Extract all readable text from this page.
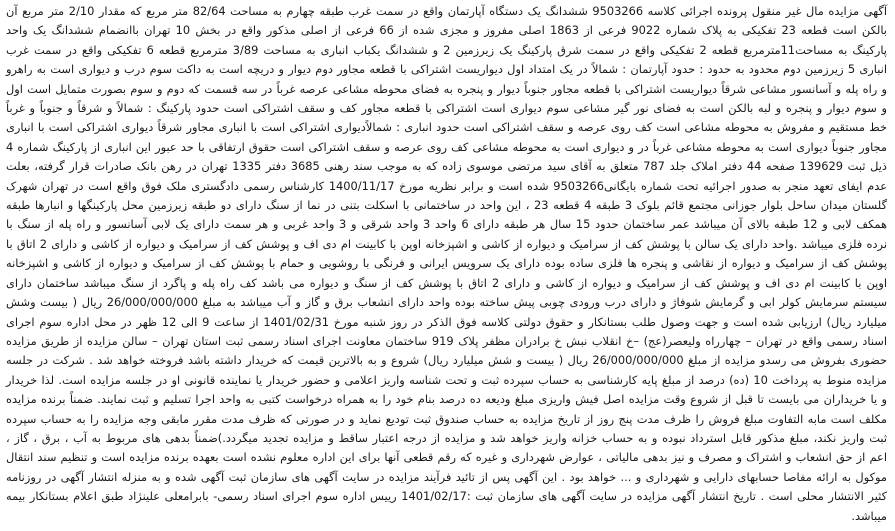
آگهی مزایده مال غیر منقول پرونده اجرائی کلاسه 9503266 ششدانگ یک دستگاه آپارتمان واقع در سمت غرب طبقه چهارم به مساحت 82/64 متر مربع که مقدار 2/10 متر مربع آن بالکن است قطعه 23 تفکیکی به پلاک شماره 9022 فرعی از 1863 اصلی مفروز و مجزی شده از 66 فرعی از اصلی مذکور واقع در بخش 10 تهران باانضمام ششدانگ یک واحد پارکینگ به مساحت11مترمربع قطعه 2 تفکیکی واقع در سمت شرق پارکینگ یک زیرزمین 2 و ششدانگ یکباب انباری به مساحت 3/89 مترمربع قطعه 6 تفکیکی واقع در سمت غرب انباری 5 زیرزمین دوم محدود به حدود : حدود آپارتمان : شمالاً در یک امتداد اول دیواریست اشتراکی با قطعه مجاور دوم دیوار و دریچه است به داکت سوم درب و دیواری است به راهرو و راه پله و آسانسور مشاعی شرقاً دیواریست اشتراکی با قطعه مجاور جنوباً دیوار و پنجره به فضای محوطه مشاعی عرصه غرباً در سه قسمت که دوم و سوم بصورت متمایل است اول و سوم دیوار و پنجره و لبه بالکن است به فضای نور گیر مشاعی سوم دیواری است اشتراکی با قطعه مجاور کف و سقف اشتراکی است حدود پارکینگ : شمالاً و شرقاً و جنوباً و غرباً خط مستقیم و مفروش به محوطه مشاعی است کف روی عرصه و سقف اشتراکی است حدود انباری : شمالاًدیواری اشتراکی است با انباری مجاور شرقاً دیواری اشتراکی است با انباری مجاور جنوباً دیواری است به محوطه مشاعی غرباً در و دیواری است به محوطه مشاعی کف روی عرصه و سقف اشتراکی است حقوق ارتفاقی با حد عبور این انباری از پارکینگ شماره 4 ذیل ثبت 139629 صفحه 44 دفتر املاک جلد 787 متعلق به آقای سید مرتضی موسوی زاده که به موجب سند رهنی 3685 دفتر 1335 تهران در رهن بانک صادرات قرار گرفته، بعلت عدم ایفای تعهد منجر به صدور اجرائیه تحت شماره بایگانی9503266 شده است و برابر نظریه مورخ 1400/11/17 کارشناس رسمی دادگستری ملک فوق واقع است در تهران شهرک گلستان میدان ساحل بلوار جوزانی مجتمع قائم بلوک 3 طبقه 4 قطعه 23 ، این واحد در ساختمانی با اسکلت بتنی در نما از سنگ دارای دو طبقه زیرزمین محل پارکینگها و انبارها طبقه همکف لابی و 12 طبقه بالای آن میباشد عمر ساختمان حدود 15 سال هر طبقه دارای 6 واحد 3 واحد شرقی و 3 واحد غربی و هر سمت دارای یک لابی آسانسور و راه پله از سنگ با نرده فلزی میباشد .واحد دارای یک سالن با پوشش کف از سرامیک و دیواره از کاشی و اشپزخانه اوپن با کابینت ام دی اف و پوشش کف از سرامیک و دیواره از کاشی و دارای 2 اتاق با پوشش کف از سرامیک و دیواره از نقاشی و پنجره ها فلزی ساده بوده دارای یک سرویس ایرانی و فرنگی با روشویی و حمام با پوشش کف از سرامیک و دیواره از کاشی و اشپزخانه اوپن با کابینت ام دی اف و پوشش کف از سرامیک و دیواره از کاشی و دارای 2 اتاق با پوشش کف از سنگ و دیواره می باشد کف راه پله و پاگرد از سنگ میباشد ساختمان دارای سیستم سرمایش کولر ابی و گرمایش شوفاژ و دارای درب ورودی چوبی پیش ساخته بوده واحد دارای انشعاب برق و گاز و آب میباشد به مبلغ 26/000/000/000 ریال ( بیست وشش میلیارد ریال) ارزیابی شده است و جهت وصول طلب بستانکار و حقوق دولتی کلاسه فوق الذکر در روز شنبه مورخ 1401/02/31 از ساعت 9 الی 12 ظهر در محل اداره سوم اجرای اسناد رسمی واقع در تهران – چهارراه ولیعصر(عج) –خ انقلاب نبش خ برادران مظفر پلاک 919 ساختمان معاونت اجرای اسناد رسمی ثبت استان تهران – سالن مزایده از طریق مزایده حضوری بفروش می رسدو مزایده از مبلغ 26/000/000/000 ریال ( بیست و شش میلیارد ریال) شروع و به بالاترین قیمت که خریدار داشته باشد فروخته خواهد شد . شرکت در جلسه مزایده منوط به پرداخت 10 (ده) درصد از مبلغ پایه کارشناسی به حساب سپرده ثبت و تحت شناسه واریز اعلامی و حضور خریدار یا نماینده قانونی او در جلسه مزایده است. لذا خریدار و یا خریداران می بایست تا قبل از شروع وقت مزایده اصل فیش واریزی مبلغ ودیعه ده درصد بنام خود را به همراه درخواست کتبی به واحد اجرا تسلیم و ثبت نمایند. ضمناً برنده مزایده مکلف است مابه التفاوت مبلغ فروش را ظرف مدت پنج روز از تاریخ مزایده به حساب صندوق ثبت تودیع نماید و در صورتی که ظرف مدت مقرر مابقی وجه مزایده را به حساب سپرده ثبت واریز نکند، مبلغ مذکور قابل استرداد نبوده و به حساب خزانه واریز خواهد شد و مزایده از درجه اعتبار ساقط و مزایده تجدید میگردد.)ضمناً بدهی های مربوط به آب ، برق ، گاز ، اعم از حق انشعاب و اشتراک و مصرف و نیز بدهی مالیاتی ، عوارض شهرداری و غیره که رقم قطعی آنها برای این اداره معلوم نشده است بعهده برنده مزایده است و تنظیم سند انتقال موکول به ارائه مفاصا حسابهای دارایی و شهرداری و ... خواهد بود . این آگهی پس از تائید فرآیند مزایده در سایت آگهی های سازمان ثبت آگهی شده و به منزله انتشار آگهی در روزنامه کثیر الانتشار محلی است . تاریخ انتشار آگهی مزایده در سایت آگهی های سازمان ثبت :1401/02/17 رییس اداره سوم اجرای اسناد رسمی- بابرامعلی علینژاد طبق اعلام بستانکار بیمه میباشد.
